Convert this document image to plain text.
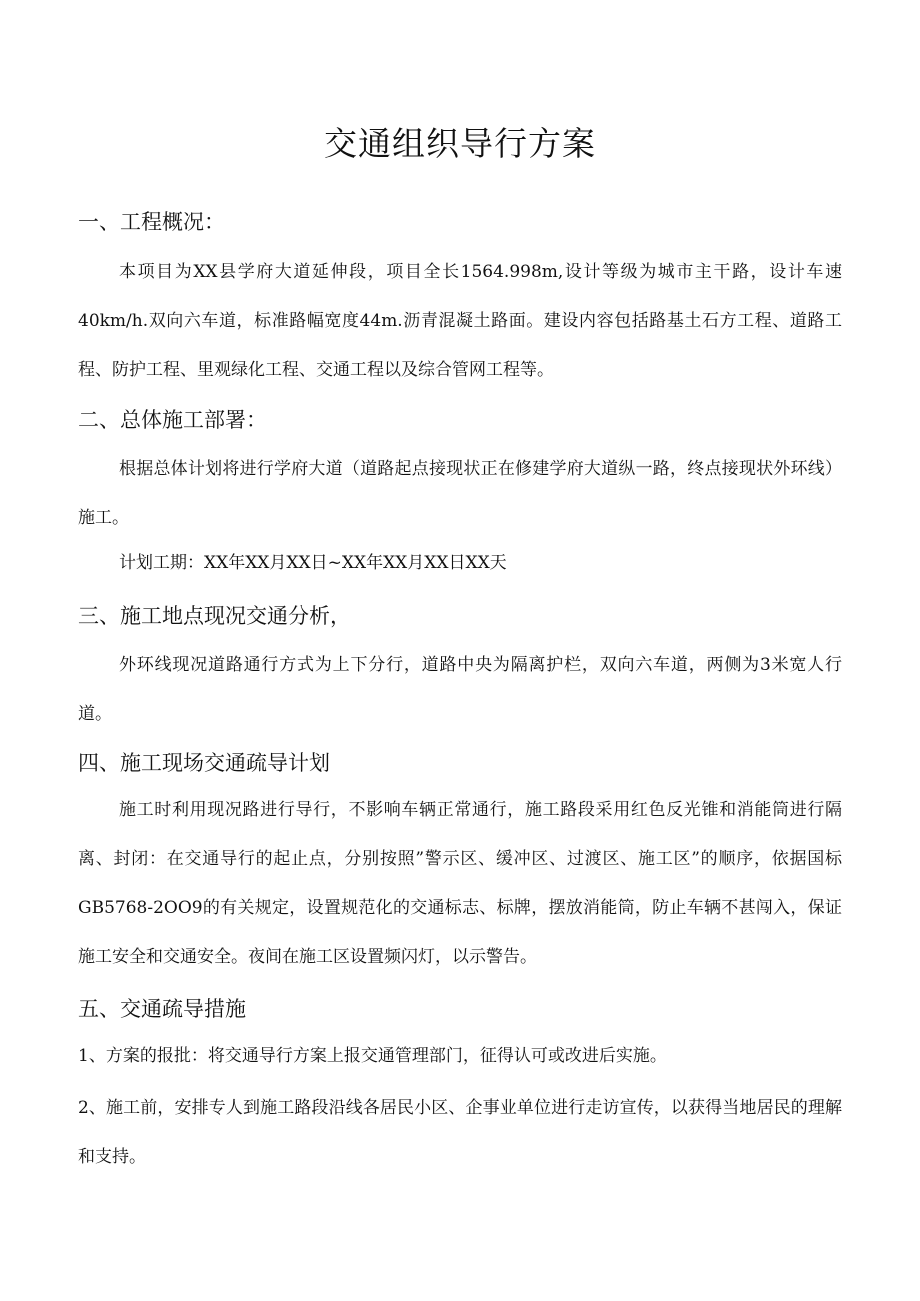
交通组织导行方案
一、工程概况：

本项目为XX县学府大道延伸段，项目全长1564.998m,设计等级为城市主干路，设计车速40km∕h.双向六车道，标准路幅宽度44m.沥青混凝土路面。建设内容包括路基土石方工程、道路工程、防护工程、里观绿化工程、交通工程以及综合管网工程等。

二、总体施工部署：

根据总体计划将进行学府大道（道路起点接现状正在修建学府大道纵一路，终点接现状外环线）施工。

计划工期：XX年XX月XX日~XX年XX月XX日XX天

三、施工地点现况交通分析，

外环线现况道路通行方式为上下分行，道路中央为隔离护栏，双向六车道，两侧为3米宽人行道。

四、施工现场交通疏导计划

施工时利用现况路进行导行，不影响车辆正常通行，施工路段采用红色反光锥和消能筒进行隔离、封闭：在交通导行的起止点，分别按照”警示区、缓冲区、过渡区、施工区”的顺序，依据国标GB5768-2OO9的有关规定，设置规范化的交通标志、标牌，摆放消能筒，防止车辆不甚闯入，保证施工安全和交通安全。夜间在施工区设置频闪灯，以示警告。

五、交通疏导措施

1、方案的报批：将交通导行方案上报交通管理部门，征得认可或改进后实施。

2、施工前，安排专人到施工路段沿线各居民小区、企事业单位进行走访宣传，以获得当地居民的理解和支持。
